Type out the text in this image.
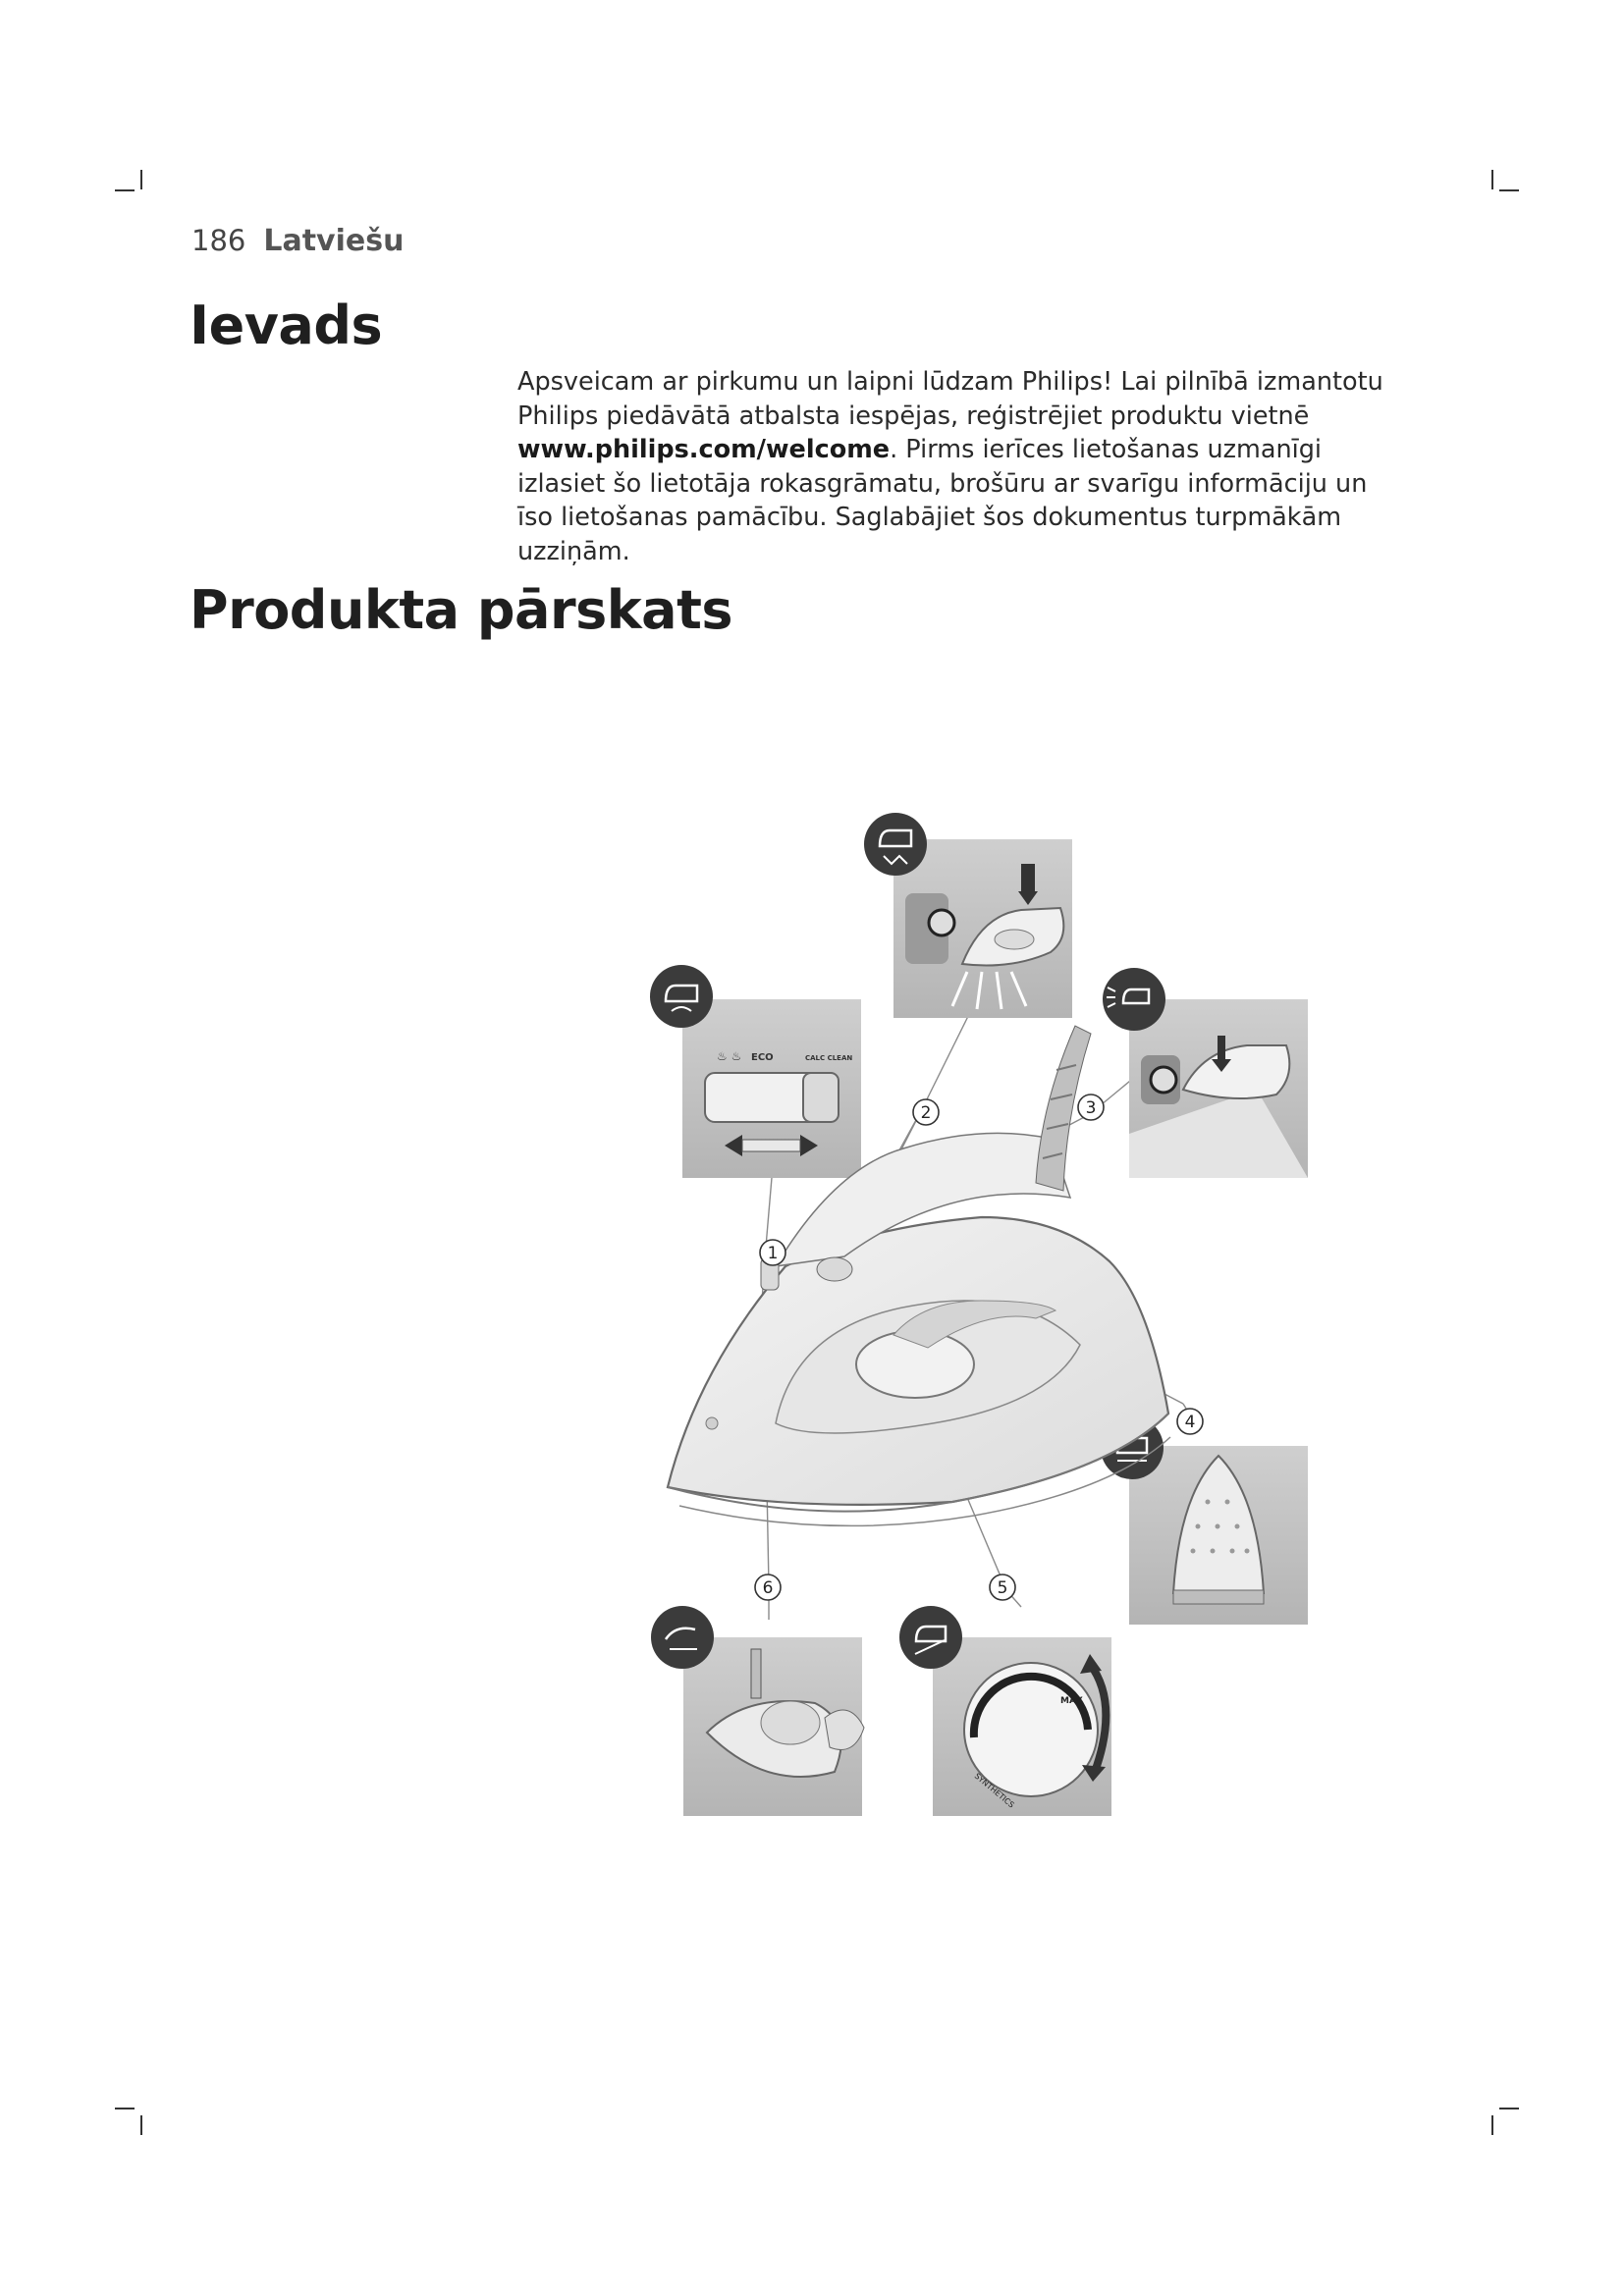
186 Latviešu
Ievads

Apsveicam ar pirkumu un laipni lūdzam Philips! Lai pilnībā izmantotu Philips piedāvātā atbalsta iespējas, reģistrējiet produktu vietnē www.philips.com/welcome. Pirms ierīces lietošanas uzmanīgi izlasiet šo lietotāja rokasgrāmatu, brošūru ar svarīgu informāciju un īso lietošanas pamācību. Saglabājiet šos dokumentus turpmākām uzziņām.

Produkta pārskats
♨ ♨ ECO	CALC CLEAN
MAX
SYNTHETICS
1
2	3
4
5
6
